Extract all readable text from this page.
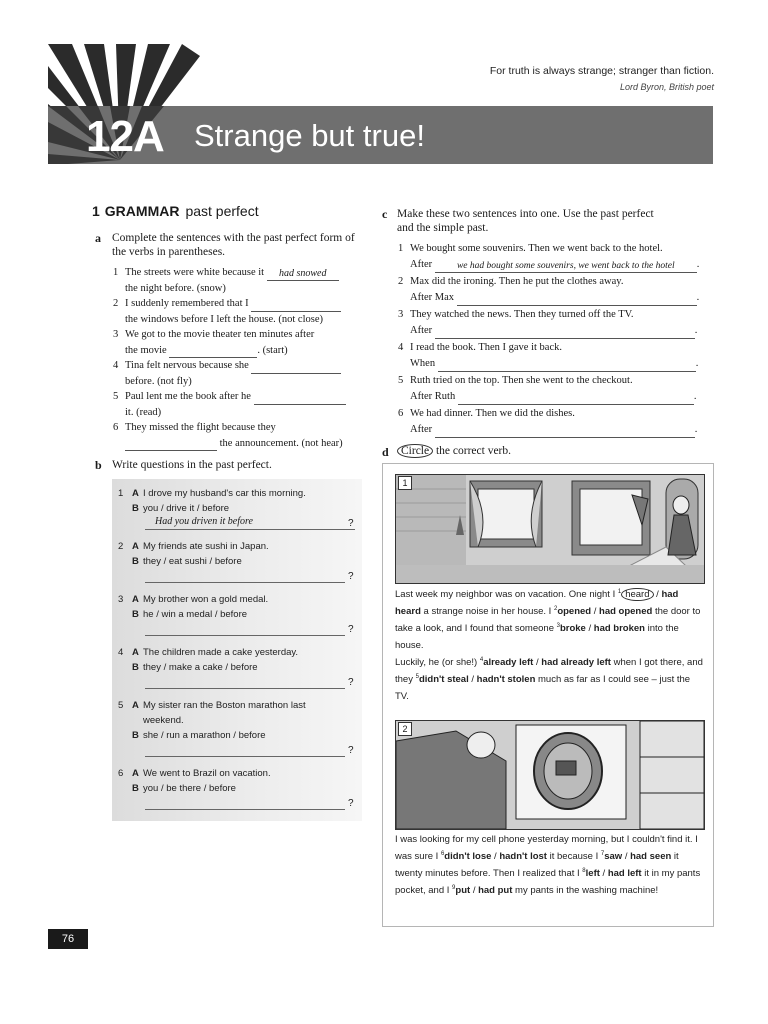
For truth is always strange; stranger than fiction.
Lord Byron, British poet
12A Strange but true!
1 GRAMMAR past perfect
a Complete the sentences with the past perfect form of the verbs in parentheses.
1 The streets were white because it had snowed
the night before. (snow)
2 I suddenly remembered that I
the windows before I left the house. (not close)
3 We got to the movie theater ten minutes after
the movie	. (start)
4 Tina felt nervous because she
before. (not fly)
5 Paul lent me the book after he
it. (read)
6 They missed the flight because they
the announcement. (not hear)
b Write questions in the past perfect.
1 A I drove my husband's car this morning.
B you / drive it / before
Had you driven it before	?
2 A My friends ate sushi in Japan.
B they / eat sushi / before
?
3 A My brother won a gold medal.
B he / win a medal / before
?
4 A The children made a cake yesterday.
B they / make a cake / before
?
5 A My sister ran the Boston marathon last
weekend.
B she / run a marathon / before
?
6 A We went to Brazil on vacation.
B you / be there / before
?
c Make these two sentences into one. Use the past perfect
and the simple past.
1 We bought some souvenirs. Then we went back to the hotel.
After	we had bought some souvenirs, we went back to the hotel .
2 Max did the ironing. Then he put the clothes away.
After Max	.
3 They watched the news. Then they turned off the TV.
After	.
4 I read the book. Then I gave it back.
When	.
5 Ruth tried on the top. Then she went to the checkout.
After Ruth	.
6 We had dinner. Then we did the dishes.
After	.
d	Circle the correct verb.
1
Last week my neighbor was on vacation. One night I $^1$ heard / had heard a strange noise in her house. I $^2$opened / had opened the door to take a look, and I found that someone $^3$broke / had broken into the house.
Luckily, he (or she!) $^4$already left / had already left when I got there, and they $^5$didn't steal / hadn't stolen much as far as I could see – just the TV.
2
I was looking for my cell phone yesterday morning, but I couldn't find it. I was sure I $^6$didn't lose / hadn't lost it because I $^7$saw / had seen it twenty minutes before. Then I realized that I $^8$left / had left it in my pants pocket, and I $^9$put / had put my pants in the washing machine!
76
